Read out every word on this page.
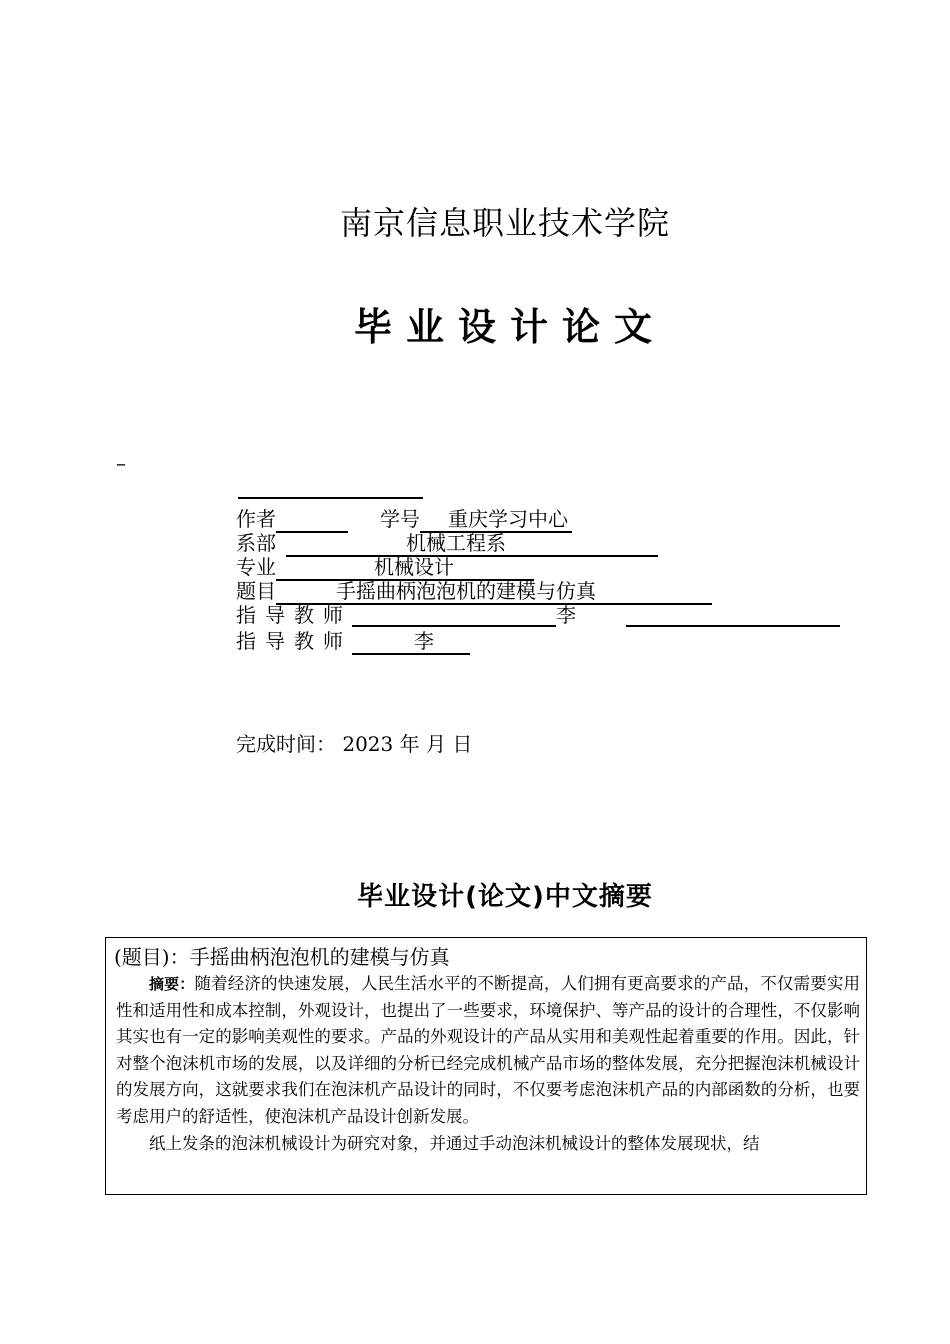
南京信息职业技术学院
毕业设计论文
–
作者	学号 重庆学习中心
系部	机械工程系
专业	机械设计
题目	手摇曲柄泡泡机的建模与仿真
指导教师	李
指导教师	李
完成时间： 2023 年 月 日
毕业设计(论文)中文摘要
(题目)：手摇曲柄泡泡机的建模与仿真

摘要：随着经济的快速发展，人民生活水平的不断提高，人们拥有更高要求的产品，不仅需要实用性和适用性和成本控制，外观设计，也提出了一些要求，环境保护、等产品的设计的合理性，不仅影响其实也有一定的影响美观性的要求。产品的外观设计的产品从实用和美观性起着重要的作用。因此，针对整个泡沫机市场的发展，以及详细的分析已经完成机械产品市场的整体发展，充分把握泡沫机械设计的发展方向，这就要求我们在泡沫机产品设计的同时，不仅要考虑泡沫机产品的内部函数的分析，也要考虑用户的舒适性，使泡沫机产品设计创新发展。

纸上发条的泡沫机械设计为研究对象，并通过手动泡沫机械设计的整体发展现状，结
